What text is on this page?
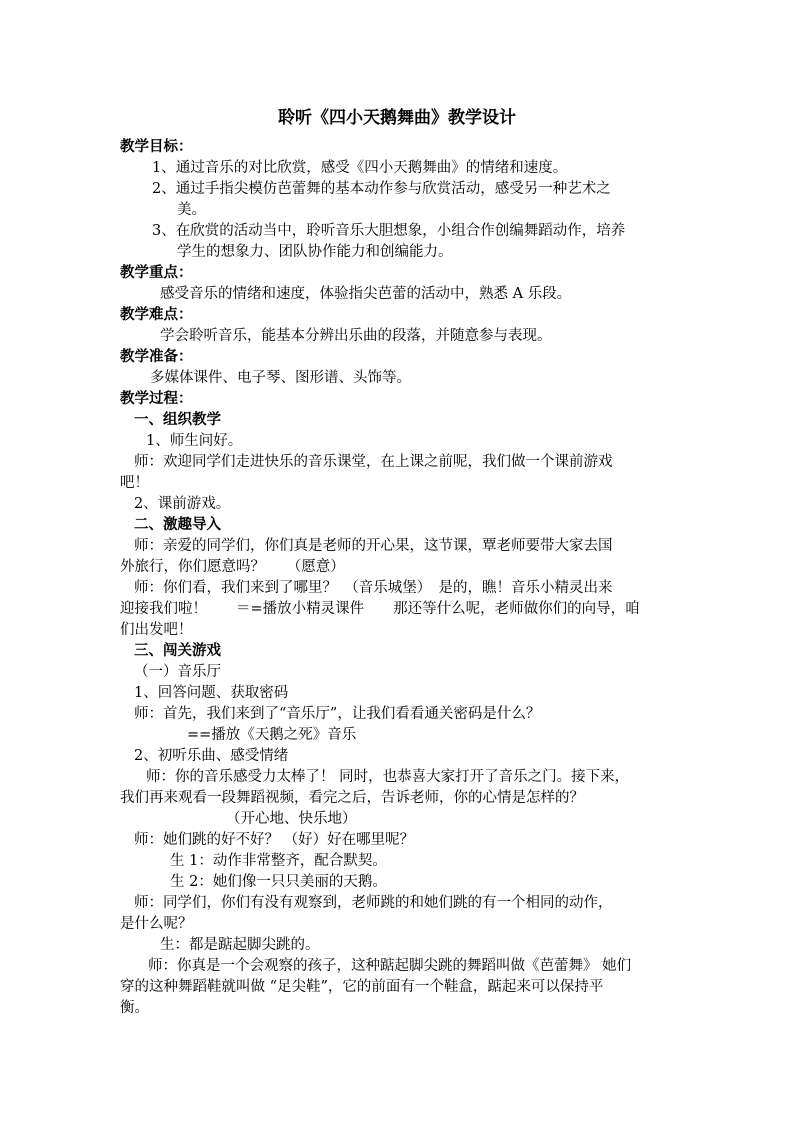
聆听《四小天鹅舞曲》教学设计
教学目标：
1、通过音乐的对比欣赏，感受《四小天鹅舞曲》的情绪和速度。
2、通过手指尖模仿芭蕾舞的基本动作参与欣赏活动，感受另一种艺术之
美。
3、在欣赏的活动当中，聆听音乐大胆想象，小组合作创编舞蹈动作，培养
学生的想象力、团队协作能力和创编能力。
教学重点：
感受音乐的情绪和速度，体验指尖芭蕾的活动中，熟悉 A 乐段。
教学难点：
学会聆听音乐，能基本分辨出乐曲的段落，并随意参与表现。
教学准备：
多媒体课件、电子琴、图形谱、头饰等。
教学过程：
一、组织教学
1、师生问好。
师：欢迎同学们走进快乐的音乐课堂，在上课之前呢，我们做一个课前游戏
吧！
2、课前游戏。
二、激趣导入
师：亲爱的同学们，你们真是老师的开心果，这节课，覃老师要带大家去国
外旅行，你们愿意吗？　　（愿意）
师：你们看，我们来到了哪里？　（音乐城堡）　是的，瞧！音乐小精灵出来
迎接我们啦！　　＝=播放小精灵课件　　那还等什么呢，老师做你们的向导，咱
们出发吧！
三、闯关游戏
（一）音乐厅
1、回答问题、获取密码
师：首先，我们来到了“音乐厅”，让我们看看通关密码是什么？
==播放《天鹅之死》音乐
2、初听乐曲、感受情绪
师：你的音乐感受力太棒了！ 同时，也恭喜大家打开了音乐之门。接下来，
我们再来观看一段舞蹈视频，看完之后，告诉老师，你的心情是怎样的？
（开心地、快乐地）
师：她们跳的好不好？ （好）好在哪里呢？
生 1：动作非常整齐，配合默契。
生 2：她们像一只只美丽的天鹅。
师：同学们，你们有没有观察到，老师跳的和她们跳的有一个相同的动作，
是什么呢？
生：都是踮起脚尖跳的。
师：你真是一个会观察的孩子，这种踮起脚尖跳的舞蹈叫做《芭蕾舞》 她们
穿的这种舞蹈鞋就叫做 “足尖鞋”，它的前面有一个鞋盒，踮起来可以保持平
衡。
